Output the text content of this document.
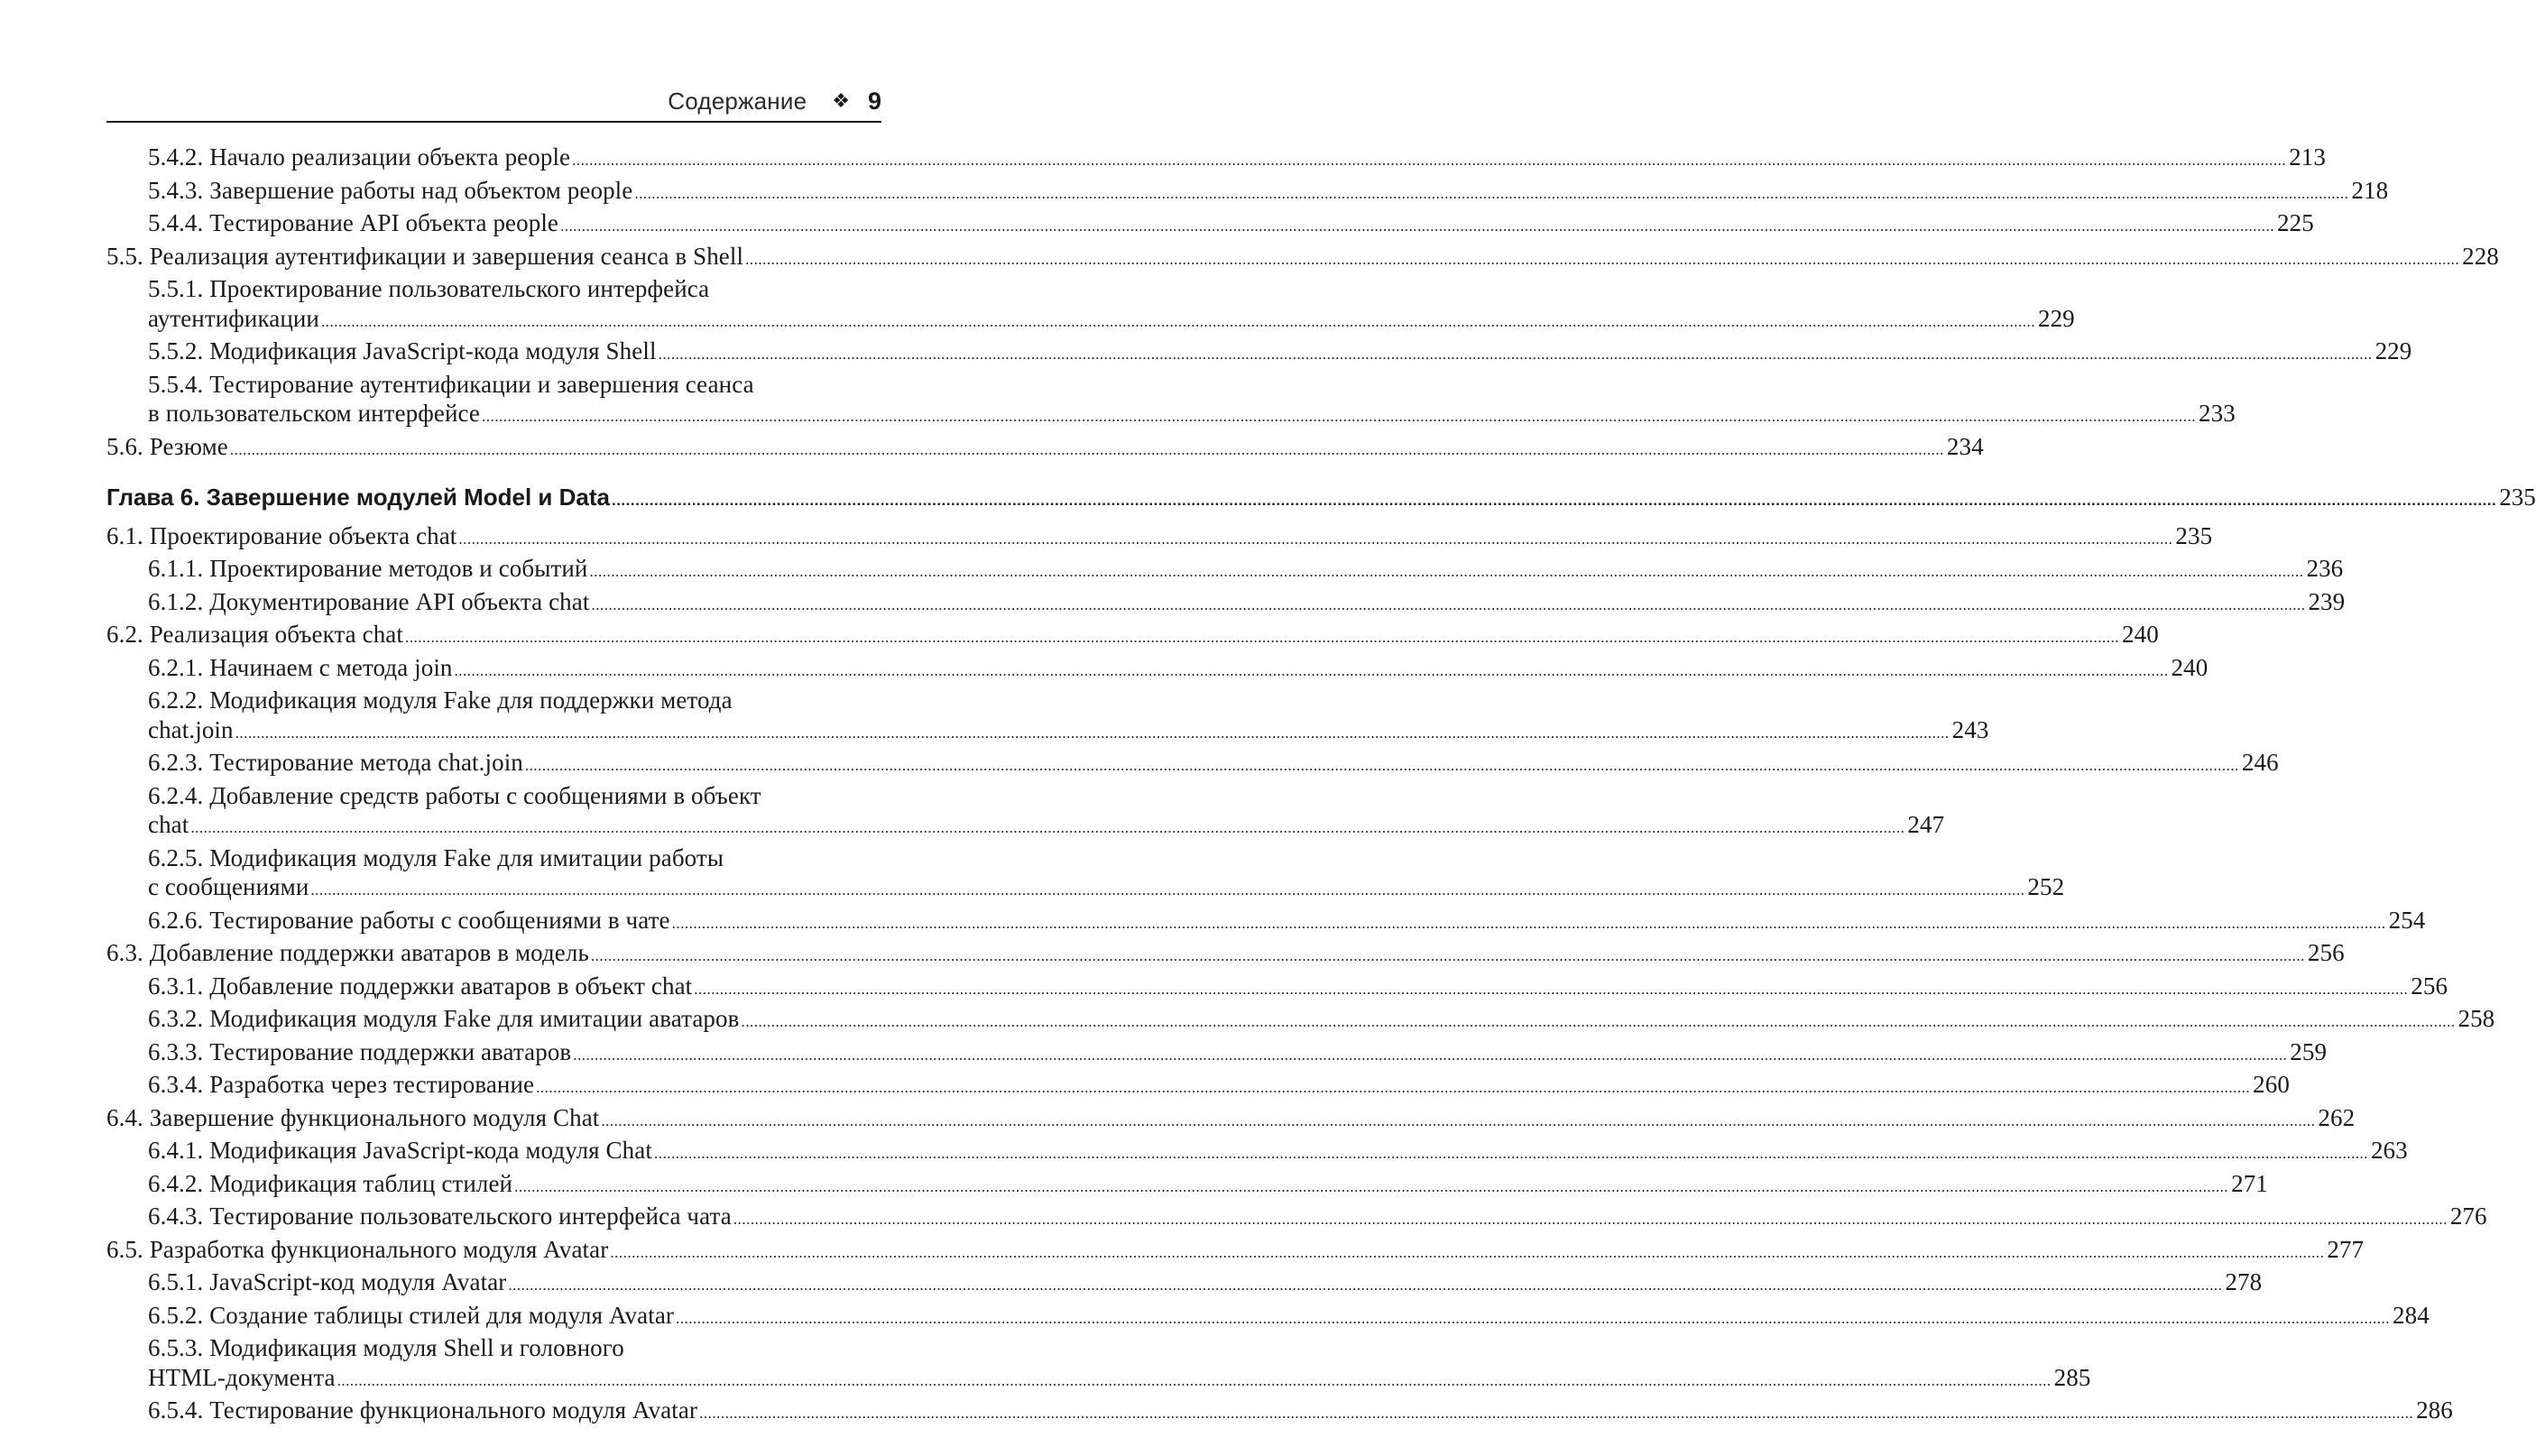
Содержание ❖ 9
5.4.2. Начало реализации объекта people ................................................................................................................................................................................................................................................................................................................................................................................................................ 213
5.4.3. Завершение работы над объектом people ................................................................................................................................................................................................................................................................................................................................................................................................................ 218
5.4.4. Тестирование API объекта people ................................................................................................................................................................................................................................................................................................................................................................................................................ 225
5.5. Реализация аутентификации и завершения сеанса в Shell ................................................................................................................................................................................................................................................................................................................................................................................................................ 228
5.5.1. Проектирование пользовательского интерфейса
аутентификации ................................................................................................................................................................................................................................................................................................................................................................................................................ 229
5.5.2. Модификация JavaScript-кода модуля Shell ................................................................................................................................................................................................................................................................................................................................................................................................................ 229
5.5.4. Тестирование аутентификации и завершения сеанса
в пользовательском интерфейсе ................................................................................................................................................................................................................................................................................................................................................................................................................ 233
5.6. Резюме ................................................................................................................................................................................................................................................................................................................................................................................................................ 234
Глава 6. Завершение модулей Model и Data ................................................................................................................................................................................................................................................................................................................................................................................................................ 235
6.1. Проектирование объекта chat ................................................................................................................................................................................................................................................................................................................................................................................................................ 235
6.1.1. Проектирование методов и событий ................................................................................................................................................................................................................................................................................................................................................................................................................ 236
6.1.2. Документирование API объекта chat ................................................................................................................................................................................................................................................................................................................................................................................................................ 239
6.2. Реализация объекта chat ................................................................................................................................................................................................................................................................................................................................................................................................................ 240
6.2.1. Начинаем с метода join ................................................................................................................................................................................................................................................................................................................................................................................................................ 240
6.2.2. Модификация модуля Fake для поддержки метода
chat.join ................................................................................................................................................................................................................................................................................................................................................................................................................ 243
6.2.3. Тестирование метода chat.join ................................................................................................................................................................................................................................................................................................................................................................................................................ 246
6.2.4. Добавление средств работы с сообщениями в объект
chat ................................................................................................................................................................................................................................................................................................................................................................................................................ 247
6.2.5. Модификация модуля Fake для имитации работы
с сообщениями ................................................................................................................................................................................................................................................................................................................................................................................................................ 252
6.2.6. Тестирование работы с сообщениями в чате ................................................................................................................................................................................................................................................................................................................................................................................................................ 254
6.3. Добавление поддержки аватаров в модель ................................................................................................................................................................................................................................................................................................................................................................................................................ 256
6.3.1. Добавление поддержки аватаров в объект chat ................................................................................................................................................................................................................................................................................................................................................................................................................ 256
6.3.2. Модификация модуля Fake для имитации аватаров ................................................................................................................................................................................................................................................................................................................................................................................................................ 258
6.3.3. Тестирование поддержки аватаров ................................................................................................................................................................................................................................................................................................................................................................................................................ 259
6.3.4. Разработка через тестирование ................................................................................................................................................................................................................................................................................................................................................................................................................ 260
6.4. Завершение функционального модуля Chat ................................................................................................................................................................................................................................................................................................................................................................................................................ 262
6.4.1. Модификация JavaScript-кода модуля Chat ................................................................................................................................................................................................................................................................................................................................................................................................................ 263
6.4.2. Модификация таблиц стилей ................................................................................................................................................................................................................................................................................................................................................................................................................ 271
6.4.3. Тестирование пользовательского интерфейса чата ................................................................................................................................................................................................................................................................................................................................................................................................................ 276
6.5. Разработка функционального модуля Avatar ................................................................................................................................................................................................................................................................................................................................................................................................................ 277
6.5.1. JavaScript-код модуля Avatar ................................................................................................................................................................................................................................................................................................................................................................................................................ 278
6.5.2. Создание таблицы стилей для модуля Avatar ................................................................................................................................................................................................................................................................................................................................................................................................................ 284
6.5.3. Модификация модуля Shell и головного
HTML-документа ................................................................................................................................................................................................................................................................................................................................................................................................................ 285
6.5.4. Тестирование функционального модуля Avatar ................................................................................................................................................................................................................................................................................................................................................................................................................ 286
